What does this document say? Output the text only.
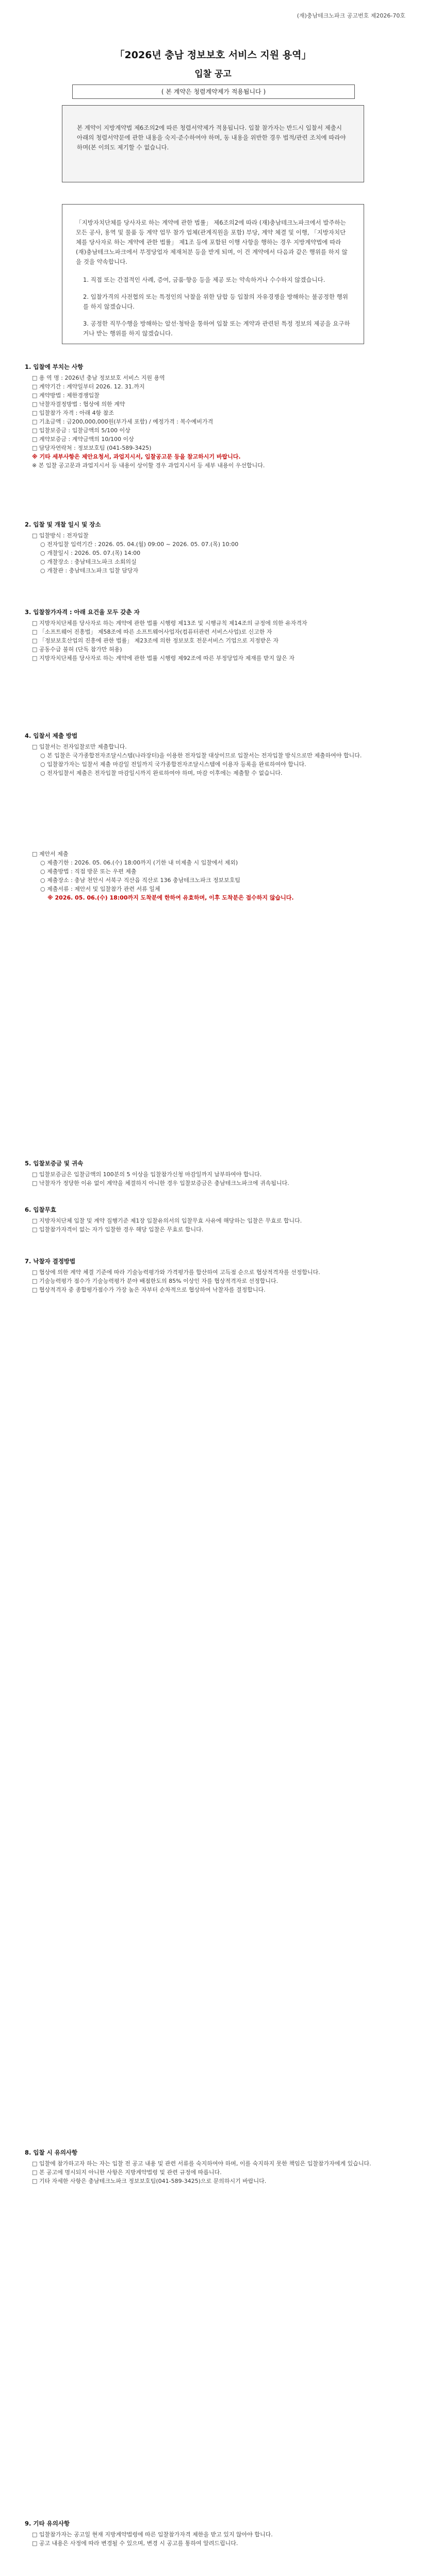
(재)충남테크노파크 공고번호 제2026-70호
「2026년 충남 정보보호 서비스 지원 용역」
입찰 공고
( 본 계약은 청렴계약제가 적용됩니다 )
본 계약이 지방계약법 제6조의2에 따른 청렴서약제가 적용됩니다. 입찰 참가자는 반드시 입찰서 제출시 아래의 청렴서약문에 관한 내용을 숙지·준수하여야 하며, 동 내용을 위반한 경우 법적/관련 조치에 따라야 하며(본 이의도 제기할 수 없습니다.

「지방자치단체를 당사자로 하는 계약에 관한 법률」 제6조의2에 따라 (재)충남테크노파크에서 발주하는 모든 공사, 용역 및 물품 등 계약 업무 참가 업체(관계직원을 포함) 부당, 계약 체결 및 이행, 「지방자치단체를 당사자로 하는 계약에 관한 법률」 제1조 등에 포함된 이행 사항을 행하는 경우 지방계약법에 따라 (재)충남테크노파크에서 부정당업자 제재처분 등을 받게 되며, 이 건 계약에서 다음과 같은 행위를 하지 않을 것을 약속합니다.

1. 직접 또는 간접적인 사례, 증여, 금품·향응 등을 제공 또는 약속하거나 수수하지 않겠습니다.
2. 입찰가격의 사전협의 또는 특정인의 낙찰을 위한 담합 등 입찰의 자유경쟁을 방해하는 불공정한 행위를 하지 않겠습니다.
3. 공정한 직무수행을 방해하는 알선·청탁을 통하여 입찰 또는 계약과 관련된 특정 정보의 제공을 요구하거나 받는 행위를 하지 않겠습니다.
1. 입찰에 부치는 사항
□ 용 역 명 : 2026년 충남 정보보호 서비스 지원 용역
□ 계약기간 : 계약일부터 2026. 12. 31.까지
□ 계약방법 : 제한경쟁입찰
□ 낙찰자결정방법 : 협상에 의한 계약
□ 입찰참가 자격 : 아래 4항 참조
□ 기초금액 : 금200,000,000원(부가세 포함) / 예정가격 : 복수예비가격
□ 입찰보증금 : 입찰금액의 5/100 이상
□ 계약보증금 : 계약금액의 10/100 이상
□ 담당자연락처 : 정보보호팀 (041-589-3425)
※ 기타 세부사항은 제안요청서, 과업지시서, 입찰공고문 등을 참고하시기 바랍니다.
※ 본 입찰 공고문과 과업지시서 등 내용이 상이할 경우 과업지시서 등 세부 내용이 우선합니다.
2. 입찰 및 개찰 일시 및 장소
□ 입찰방식 : 전자입찰
○ 전자입찰 입력기간 : 2026. 05. 04.(월) 09:00 ~ 2026. 05. 07.(목) 10:00
○ 개찰일시 : 2026. 05. 07.(목) 14:00
○ 개찰장소 : 충남테크노파크 소회의실
○ 개찰관 : 충남테크노파크 입찰 담당자
3. 입찰참가자격 : 아래 요건을 모두 갖춘 자
□ 지방자치단체를 당사자로 하는 계약에 관한 법률 시행령 제13조 및 시행규칙 제14조의 규정에 의한 유자격자
□ 「소프트웨어 진흥법」 제58조에 따른 소프트웨어사업자(컴퓨터관련 서비스사업)로 신고한 자
□ 「정보보호산업의 진흥에 관한 법률」 제23조에 의한 정보보호 전문서비스 기업으로 지정받은 자
□ 공동수급 불허 (단독 참가만 허용)
□ 지방자치단체를 당사자로 하는 계약에 관한 법률 시행령 제92조에 따른 부정당업자 제재를 받지 않은 자
4. 입찰서 제출 방법
□ 입찰서는 전자입찰로만 제출합니다.
○ 본 입찰은 국가종합전자조달시스템(나라장터)을 이용한 전자입찰 대상이므로 입찰서는 전자입찰 방식으로만 제출하여야 합니다.
○ 입찰참가자는 입찰서 제출 마감일 전일까지 국가종합전자조달시스템에 이용자 등록을 완료하여야 합니다.
○ 전자입찰서 제출은 전자입찰 마감일시까지 완료하여야 하며, 마감 이후에는 제출할 수 없습니다.
□ 제안서 제출
○ 제출기한 : 2026. 05. 06.(수) 18:00까지 (기한 내 미제출 시 입찰에서 제외)
○ 제출방법 : 직접 방문 또는 우편 제출
○ 제출장소 : 충남 천안시 서북구 직산읍 직산로 136 충남테크노파크 정보보호팀
○ 제출서류 : 제안서 및 입찰참가 관련 서류 일체
※ 2026. 05. 06.(수) 18:00까지 도착분에 한하여 유효하며, 이후 도착분은 접수하지 않습니다.
5. 입찰보증금 및 귀속
□ 입찰보증금은 입찰금액의 100분의 5 이상을 입찰참가신청 마감일까지 납부하여야 합니다.
□ 낙찰자가 정당한 이유 없이 계약을 체결하지 아니한 경우 입찰보증금은 충남테크노파크에 귀속됩니다.
6. 입찰무효
□ 지방자치단체 입찰 및 계약 집행기준 제1장 입찰유의서의 입찰무효 사유에 해당하는 입찰은 무효로 합니다.
□ 입찰참가자격이 없는 자가 입찰한 경우 해당 입찰은 무효로 합니다.
7. 낙찰자 결정방법
□ 협상에 의한 계약 체결 기준에 따라 기술능력평가와 가격평가를 합산하여 고득점 순으로 협상적격자를 선정합니다.
□ 기술능력평가 점수가 기술능력평가 분야 배점한도의 85% 이상인 자를 협상적격자로 선정합니다.
□ 협상적격자 중 종합평가점수가 가장 높은 자부터 순차적으로 협상하여 낙찰자를 결정합니다.
8. 입찰 시 유의사항
□ 입찰에 참가하고자 하는 자는 입찰 전 공고 내용 및 관련 서류를 숙지하여야 하며, 이를 숙지하지 못한 책임은 입찰참가자에게 있습니다.
□ 본 공고에 명시되지 아니한 사항은 지방계약법령 및 관련 규정에 따릅니다.
□ 기타 자세한 사항은 충남테크노파크 정보보호팀(041-589-3425)으로 문의하시기 바랍니다.
9. 기타 유의사항
□ 입찰참가자는 공고일 현재 지방계약법령에 따른 입찰참가자격 제한을 받고 있지 않아야 합니다.
□ 공고 내용은 사정에 따라 변경될 수 있으며, 변경 시 공고를 통하여 알려드립니다.
